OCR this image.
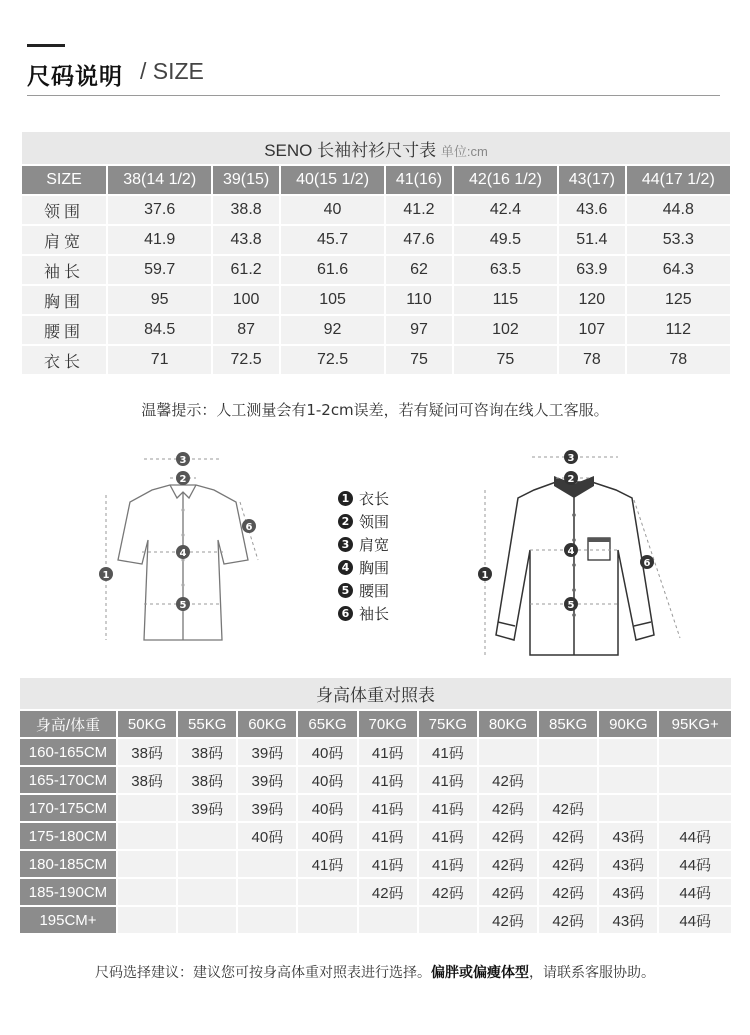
尺码说明 / SIZE
SENO 长袖衬衫尺寸表 单位:cm							
SIZE	38(14 1/2)	39(15)	40(15 1/2)	41(16)	42(16 1/2)	43(17)	44(17 1/2)
领围	37.6	38.8	40	41.2	42.4	43.6	44.8
肩宽	41.9	43.8	45.7	47.6	49.5	51.4	53.3
袖长	59.7	61.2	61.6	62	63.5	63.9	64.3
胸围	95	100	105	110	115	120	125
腰围	84.5	87	92	97	102	107	112
衣长	71	72.5	72.5	75	75	78	78
温馨提示：人工测量会有1-2cm误差，若有疑问可咨询在线人工客服。
3
2
4
5
1
6
1 衣长
2 领围
3 肩宽
4 胸围
5 腰围
6 袖长
3
2
4
5
1
6
身高体重对照表										
身高/体重	50KG	55KG	60KG	65KG	70KG	75KG	80KG	85KG	90KG	95KG+
160-165CM	38码	38码	39码	40码	41码	41码				
165-170CM	38码	38码	39码	40码	41码	41码	42码			
170-175CM		39码	39码	40码	41码	41码	42码	42码		
175-180CM			40码	40码	41码	41码	42码	42码	43码	44码
180-185CM				41码	41码	41码	42码	42码	43码	44码
185-190CM					42码	42码	42码	42码	43码	44码
195CM+							42码	42码	43码	44码
尺码选择建议：建议您可按身高体重对照表进行选择。偏胖或偏瘦体型，请联系客服协助。
